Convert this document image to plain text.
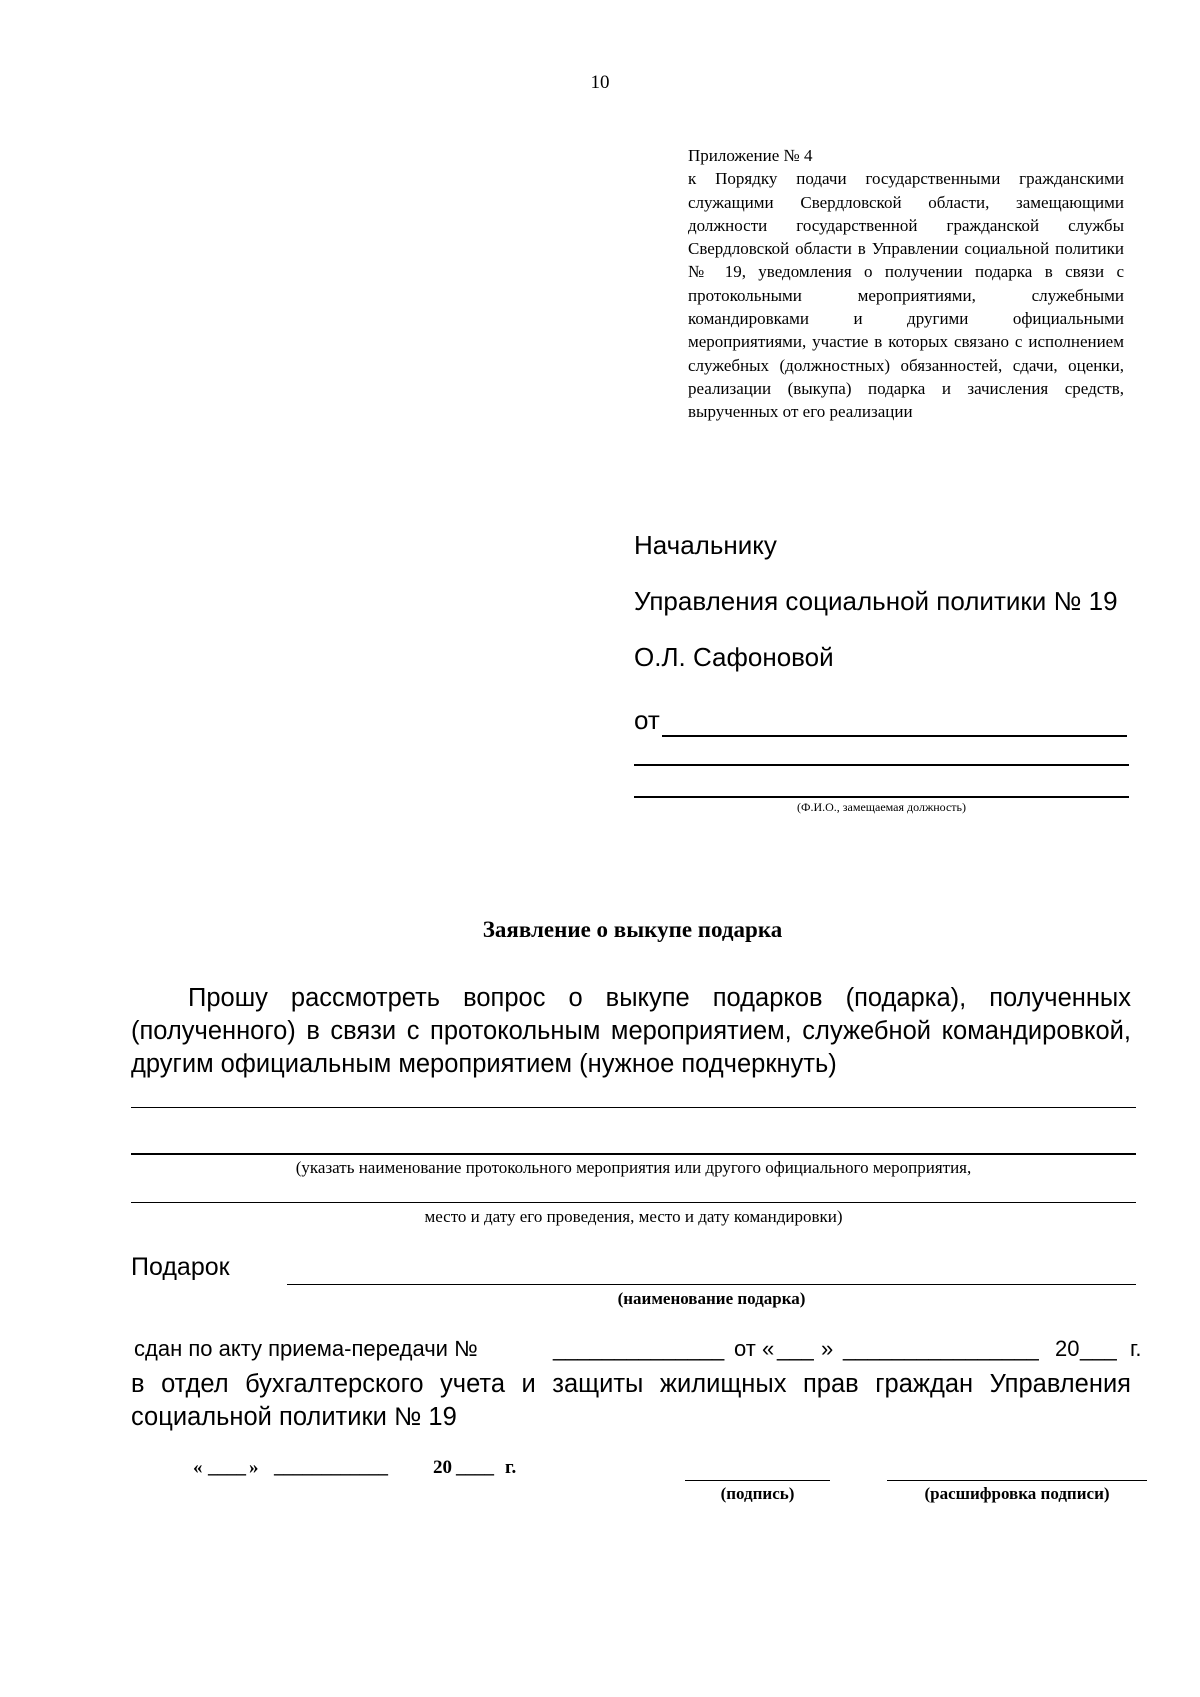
10
Приложение № 4
к Порядку подачи государственными гражданскими служащими Свердловской области, замещающими должности государственной гражданской службы Свердловской области в Управлении социальной политики № 19, уведомления о получении подарка в связи с протокольными мероприятиями, служебными командировками и другими официальными мероприятиями, участие в которых связано с исполнением служебных (должностных) обязанностей, сдачи, оценки, реализации (выкупа) подарка и зачисления средств, вырученных от его реализации
Начальнику
Управления социальной политики № 19
О.Л. Сафоновой
от
(Ф.И.О., замещаемая должность)
Заявление о выкупе подарка
Прошу рассмотреть вопрос о выкупе подарков (подарка), полученных (полученного) в связи с протокольным мероприятием, служебной командировкой, другим официальным мероприятием (нужное подчеркнуть)
(указать наименование протокольного мероприятия или другого официального мероприятия,
место и дату его проведения, место и дату командировки)
Подарок
(наименование подарка)
сдан по акту приема-передачи №	______________ от « ___ » ________________ 20 ___ г.
в отдел бухгалтерского учета и защиты жилищных прав граждан Управления социальной политики № 19
« ____ » ____________ 20 ____ г.
(подпись)	(расшифровка подписи)
